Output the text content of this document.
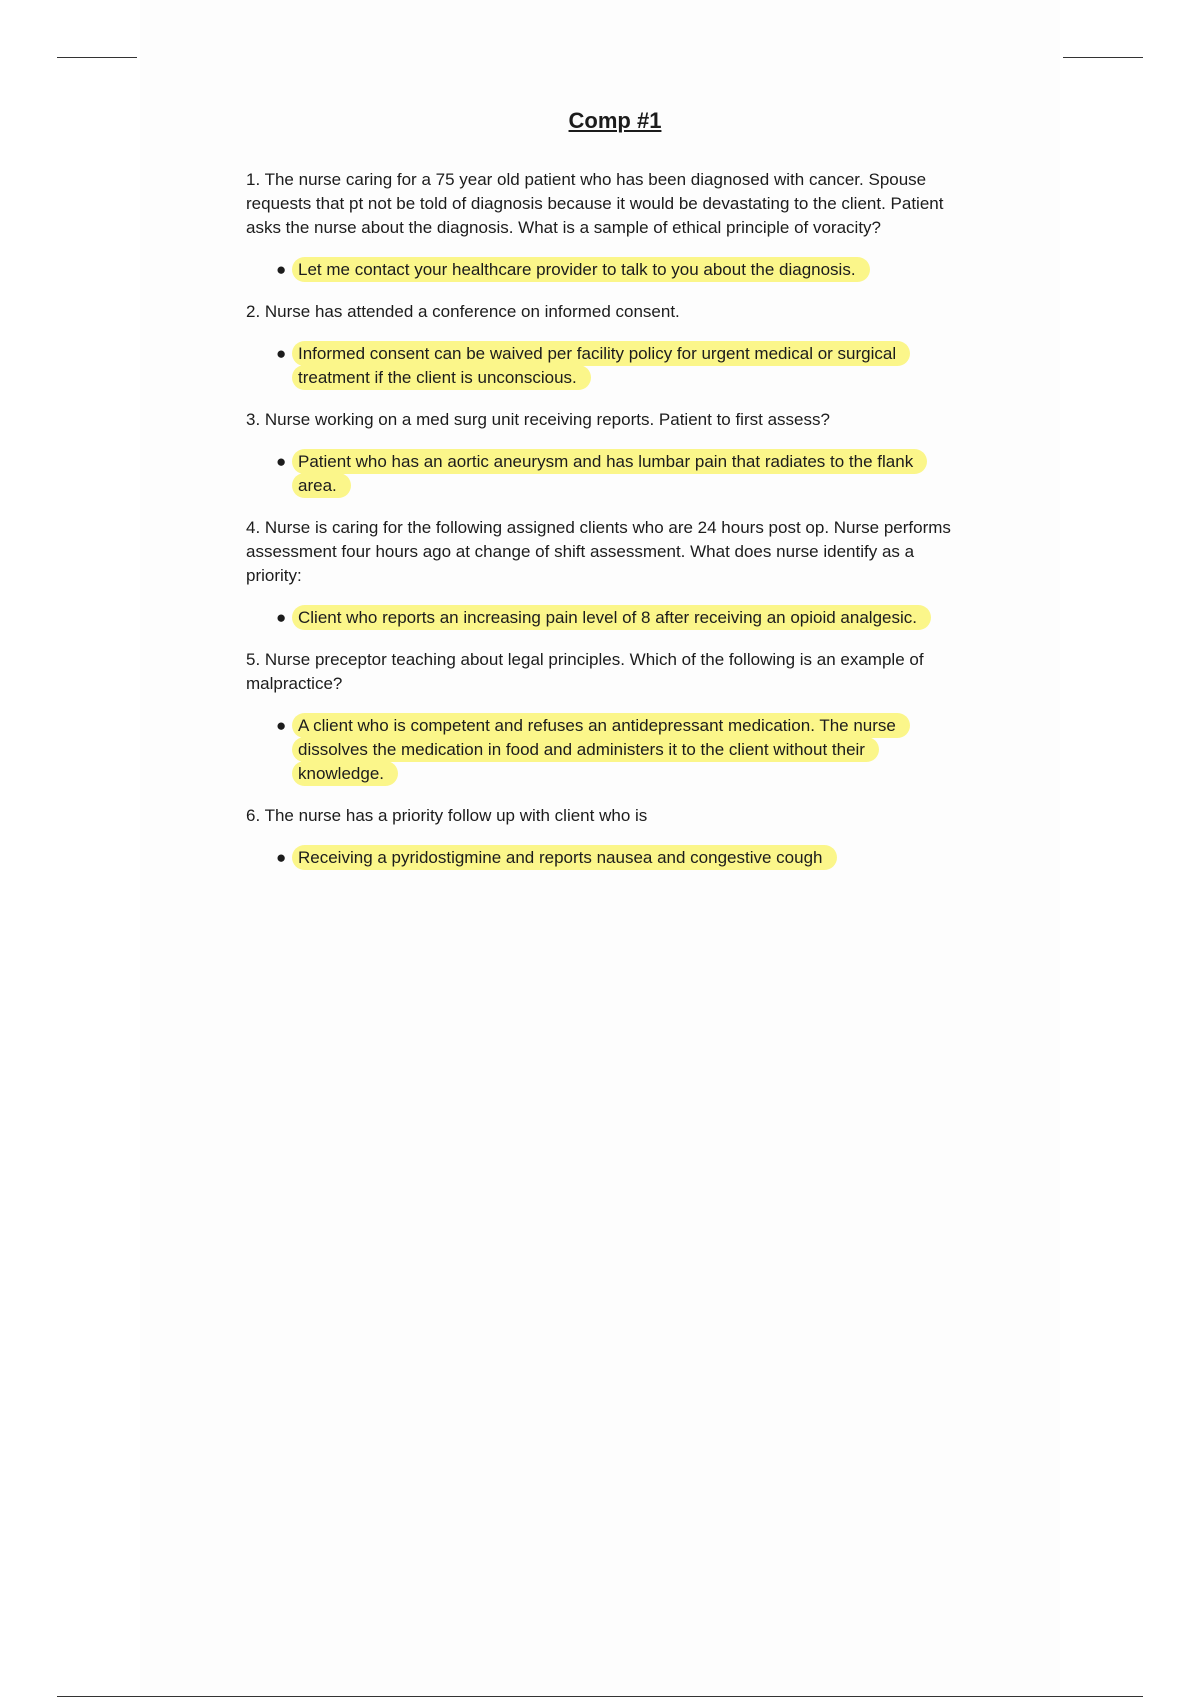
Comp #1

1. The nurse caring for a 75 year old patient who has been diagnosed with cancer. Spouse requests that pt not be told of diagnosis because it would be devastating to the client. Patient asks the nurse about the diagnosis. What is a sample of ethical principle of voracity?

● Let me contact your healthcare provider to talk to you about the diagnosis.

2. Nurse has attended a conference on informed consent.

● Informed consent can be waived per facility policy for urgent medical or surgical treatment if the client is unconscious.

3. Nurse working on a med surg unit receiving reports. Patient to first assess?

● Patient who has an aortic aneurysm and has lumbar pain that radiates to the flank area.

4. Nurse is caring for the following assigned clients who are 24 hours post op. Nurse performs assessment four hours ago at change of shift assessment. What does nurse identify as a priority:

● Client who reports an increasing pain level of 8 after receiving an opioid analgesic.

5. Nurse preceptor teaching about legal principles. Which of the following is an example of malpractice?

● A client who is competent and refuses an antidepressant medication. The nurse dissolves the medication in food and administers it to the client without their knowledge.

6. The nurse has a priority follow up with client who is

● Receiving a pyridostigmine and reports nausea and congestive cough
